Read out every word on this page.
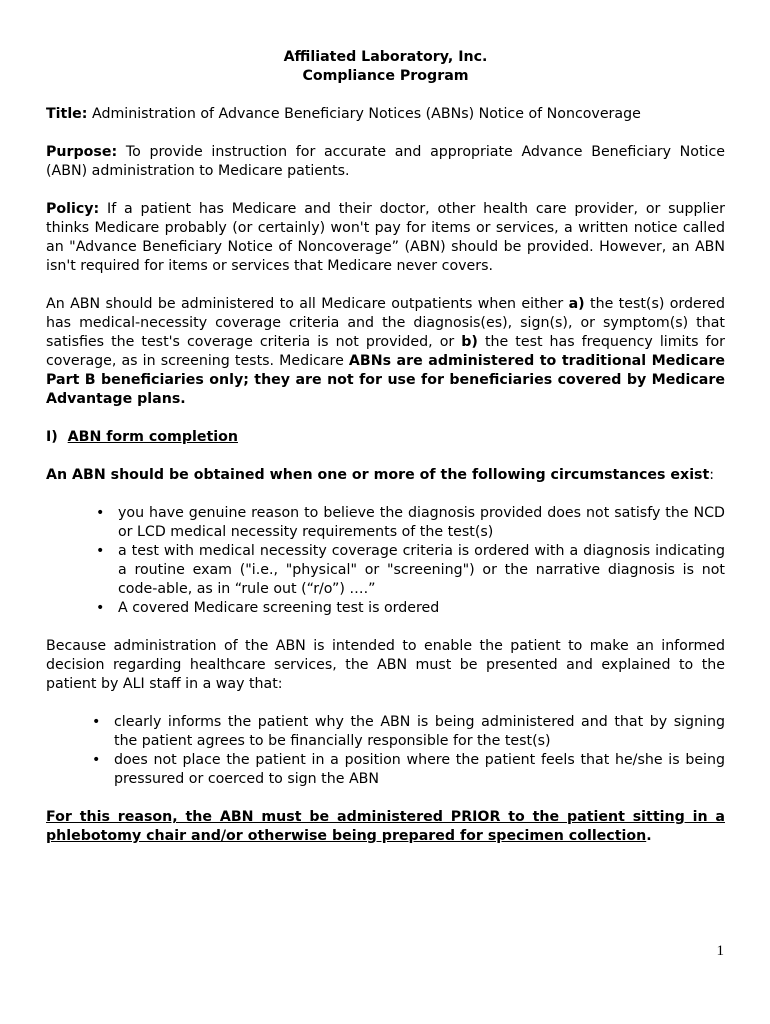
Affiliated Laboratory, Inc.

Compliance Program

Title: Administration of Advance Beneficiary Notices (ABNs) Notice of Noncoverage

Purpose: To provide instruction for accurate and appropriate Advance Beneficiary Notice (ABN) administration to Medicare patients.

Policy: If a patient has Medicare and their doctor, other health care provider, or supplier thinks Medicare probably (or certainly) won't pay for items or services, a written notice called an "Advance Beneficiary Notice of Noncoverage” (ABN) should be provided. However, an ABN isn't required for items or services that Medicare never covers.

An ABN should be administered to all Medicare outpatients when either a) the test(s) ordered has medical-necessity coverage criteria and the diagnosis(es), sign(s), or symptom(s) that satisfies the test's coverage criteria is not provided, or b) the test has frequency limits for coverage, as in screening tests. Medicare ABNs are administered to traditional Medicare Part B beneficiaries only; they are not for use for beneficiaries covered by Medicare Advantage plans.

I) ABN form completion

An ABN should be obtained when one or more of the following circumstances exist:

• you have genuine reason to believe the diagnosis provided does not satisfy the NCD or LCD medical necessity requirements of the test(s)
• a test with medical necessity coverage criteria is ordered with a diagnosis indicating a routine exam ("i.e., "physical" or "screening") or the narrative diagnosis is not code-able, as in “rule out (“r/o”) ….”
• A covered Medicare screening test is ordered

Because administration of the ABN is intended to enable the patient to make an informed decision regarding healthcare services, the ABN must be presented and explained to the patient by ALI staff in a way that:

• clearly informs the patient why the ABN is being administered and that by signing the patient agrees to be financially responsible for the test(s)
• does not place the patient in a position where the patient feels that he/she is being pressured or coerced to sign the ABN

For this reason, the ABN must be administered PRIOR to the patient sitting in a phlebotomy chair and/or otherwise being prepared for specimen collection.

1
